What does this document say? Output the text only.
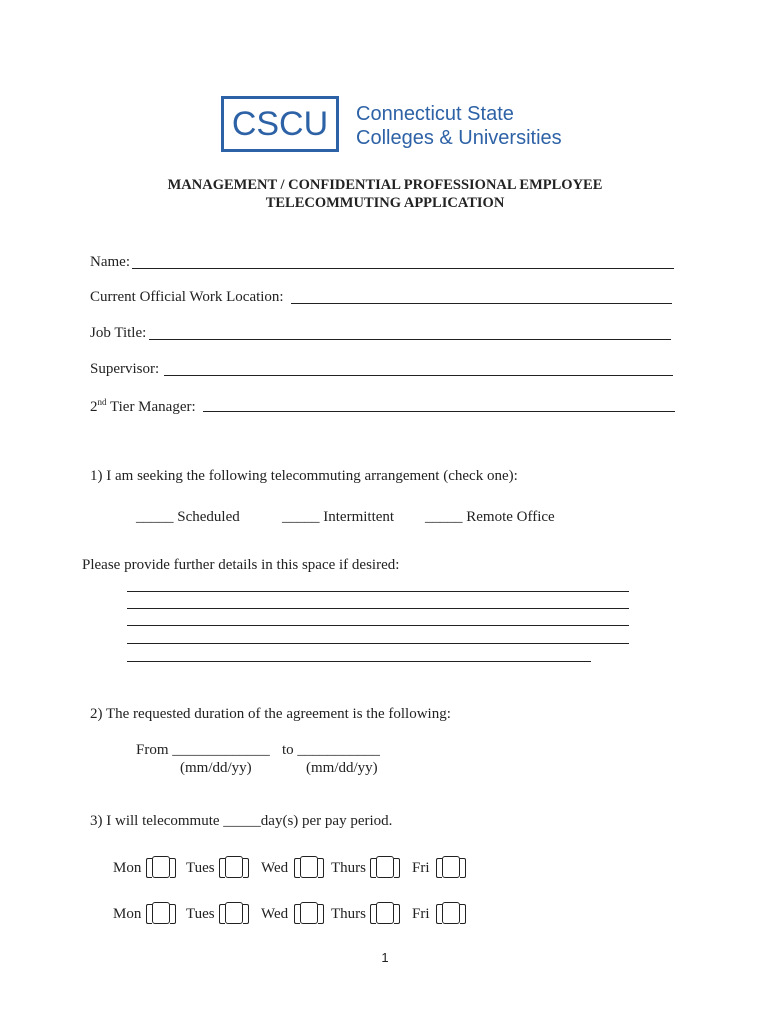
CSCU Connecticut State
Colleges & Universities
MANAGEMENT / CONFIDENTIAL PROFESSIONAL EMPLOYEE
TELECOMMUTING APPLICATION
Name:
Current Official Work Location:
Job Title:
Supervisor:
2nd Tier Manager:
1) I am seeking the following telecommuting arrangement (check one):
_____ Scheduled	_____ Intermittent _____ Remote Office
Please provide further details in this space if desired:
2) The requested duration of the agreement is the following:
From _____________ to ___________
(mm/dd/yy)	(mm/dd/yy)
3) I will telecommute _____day(s) per pay period.
Mon	Tues	Wed	Thurs	Fri
Mon	Tues	Wed	Thurs	Fri
1
